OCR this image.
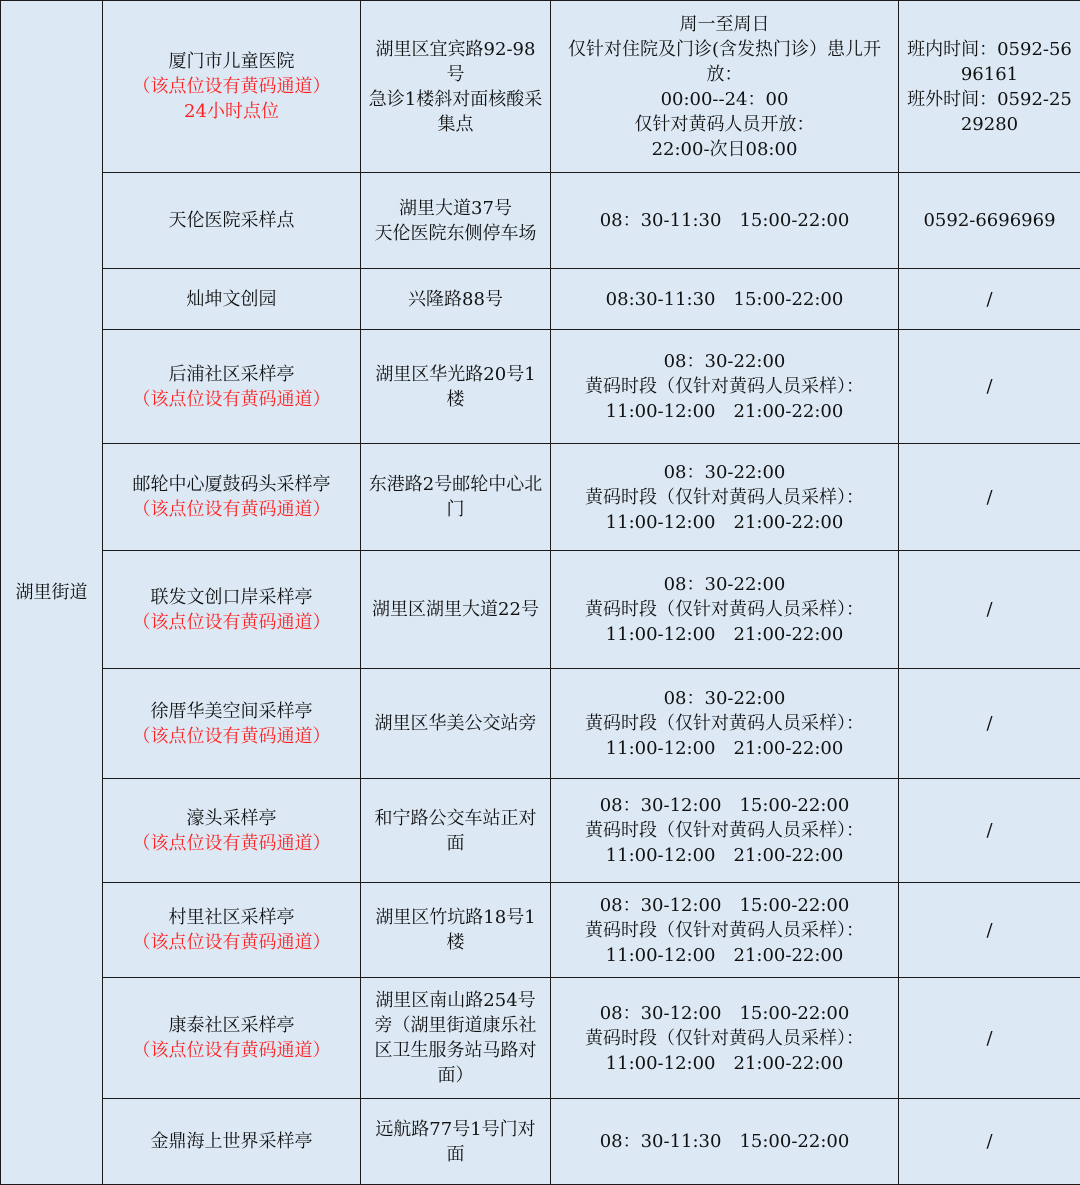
湖里街道	厦门市儿童医院
（该点位设有黄码通道）
24小时点位	湖里区宜宾路92-98号
急诊1楼斜对面核酸采集点	周一至周日
仅针对住院及门诊(含发热门诊）患儿开放：
00:00--24：00
仅针对黄码人员开放：
22:00-次日08:00	班内时间：0592-5696161
班外时间：0592-2529280

	天伦医院采样点	湖里大道37号
天伦医院东侧停车场	08：30-11:30　15:00-22:00	0592-6696969

	灿坤文创园	兴隆路88号	08:30-11:30　15:00-22:00	/

	后浦社区采样亭
（该点位设有黄码通道）	湖里区华光路20号1楼	08：30-22:00
黄码时段（仅针对黄码人员采样）：
11:00-12:00　21:00-22:00	/

	邮轮中心厦鼓码头采样亭
（该点位设有黄码通道）	东港路2号邮轮中心北门	08：30-22:00
黄码时段（仅针对黄码人员采样）：
11:00-12:00　21:00-22:00	/

	联发文创口岸采样亭
（该点位设有黄码通道）	湖里区湖里大道22号	08：30-22:00
黄码时段（仅针对黄码人员采样）：
11:00-12:00　21:00-22:00	/

	徐厝华美空间采样亭
（该点位设有黄码通道）	湖里区华美公交站旁	08：30-22:00
黄码时段（仅针对黄码人员采样）：
11:00-12:00　21:00-22:00	/

	濠头采样亭
（该点位设有黄码通道）	和宁路公交车站正对面	08：30-12:00　15:00-22:00
黄码时段（仅针对黄码人员采样）：
11:00-12:00　21:00-22:00	/

	村里社区采样亭
（该点位设有黄码通道）	湖里区竹坑路18号1楼	08：30-12:00　15:00-22:00
黄码时段（仅针对黄码人员采样）：
11:00-12:00　21:00-22:00	/

	康泰社区采样亭
（该点位设有黄码通道）	湖里区南山路254号旁（湖里街道康乐社区卫生服务站马路对面）	08：30-12:00　15:00-22:00
黄码时段（仅针对黄码人员采样）：
11:00-12:00　21:00-22:00	/

	金鼎海上世界采样亭	远航路77号1号门对面	08：30-11:30　15:00-22:00	/
